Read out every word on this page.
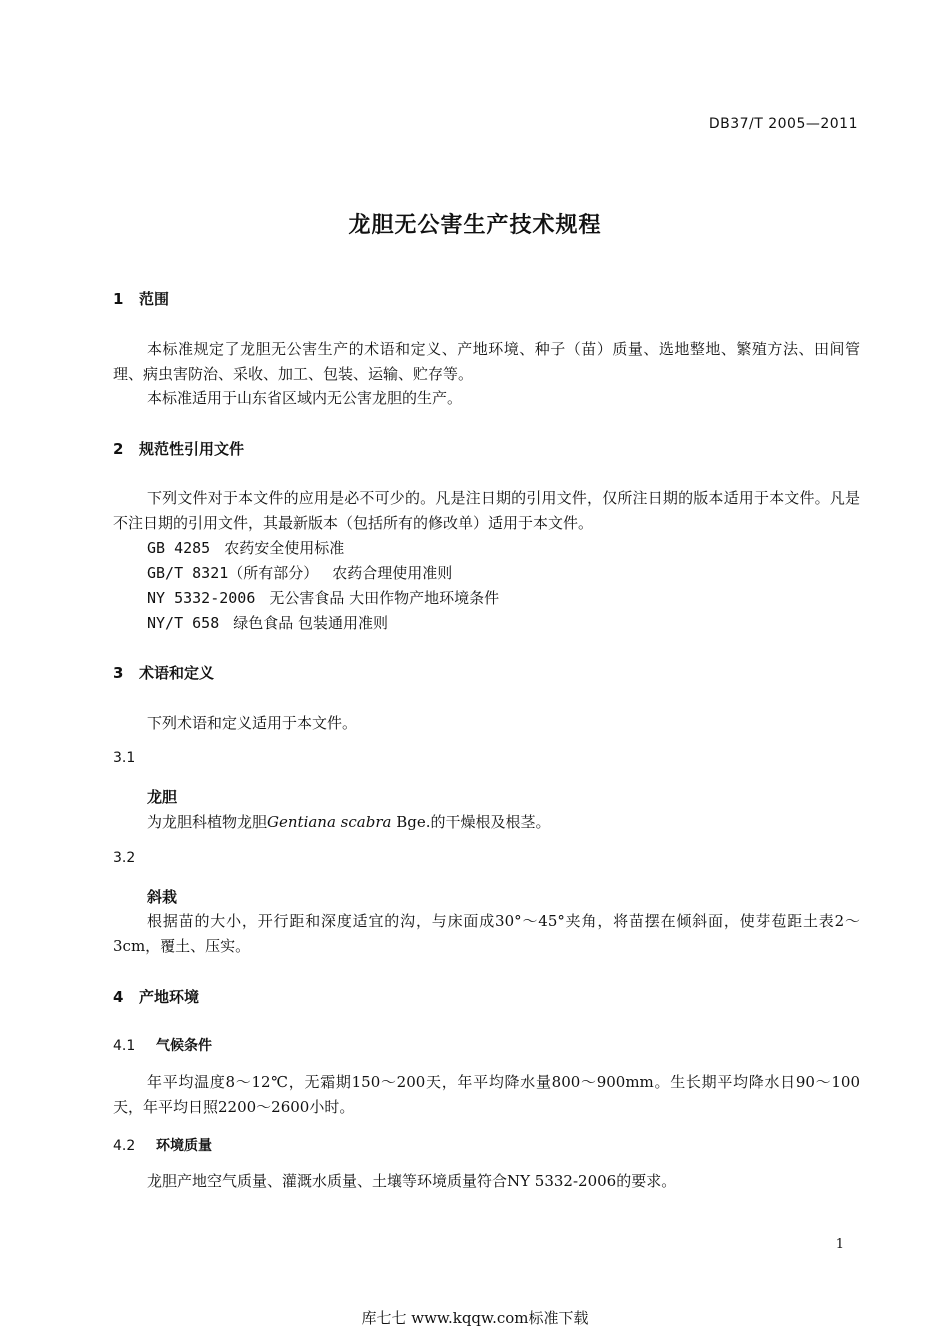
DB37/T 2005—2011
龙胆无公害生产技术规程
1 范围
本标准规定了龙胆无公害生产的术语和定义、产地环境、种子（苗）质量、选地整地、繁殖方法、田间管理、病虫害防治、采收、加工、包装、运输、贮存等。
本标准适用于山东省区域内无公害龙胆的生产。
2 规范性引用文件
下列文件对于本文件的应用是必不可少的。凡是注日期的引用文件，仅所注日期的版本适用于本文件。凡是不注日期的引用文件，其最新版本（包括所有的修改单）适用于本文件。
GB 4285 农药安全使用标准
GB/T 8321（所有部分） 农药合理使用准则
NY 5332-2006 无公害食品 大田作物产地环境条件
NY/T 658 绿色食品 包装通用准则
3 术语和定义
下列术语和定义适用于本文件。
3.1
龙胆
为龙胆科植物龙胆Gentiana scabra Bge.的干燥根及根茎。
3.2
斜栽
根据苗的大小，开行距和深度适宜的沟，与床面成30°～45°夹角，将苗摆在倾斜面，使芽苞距土表2～3cm，覆土、压实。
4 产地环境
4.1 气候条件
年平均温度8～12℃，无霜期150～200天，年平均降水量800～900mm。生长期平均降水日90～100天，年平均日照2200～2600小时。
4.2 环境质量
龙胆产地空气质量、灌溉水质量、土壤等环境质量符合NY 5332-2006的要求。
1
库七七 www.kqqw.com标准下载
